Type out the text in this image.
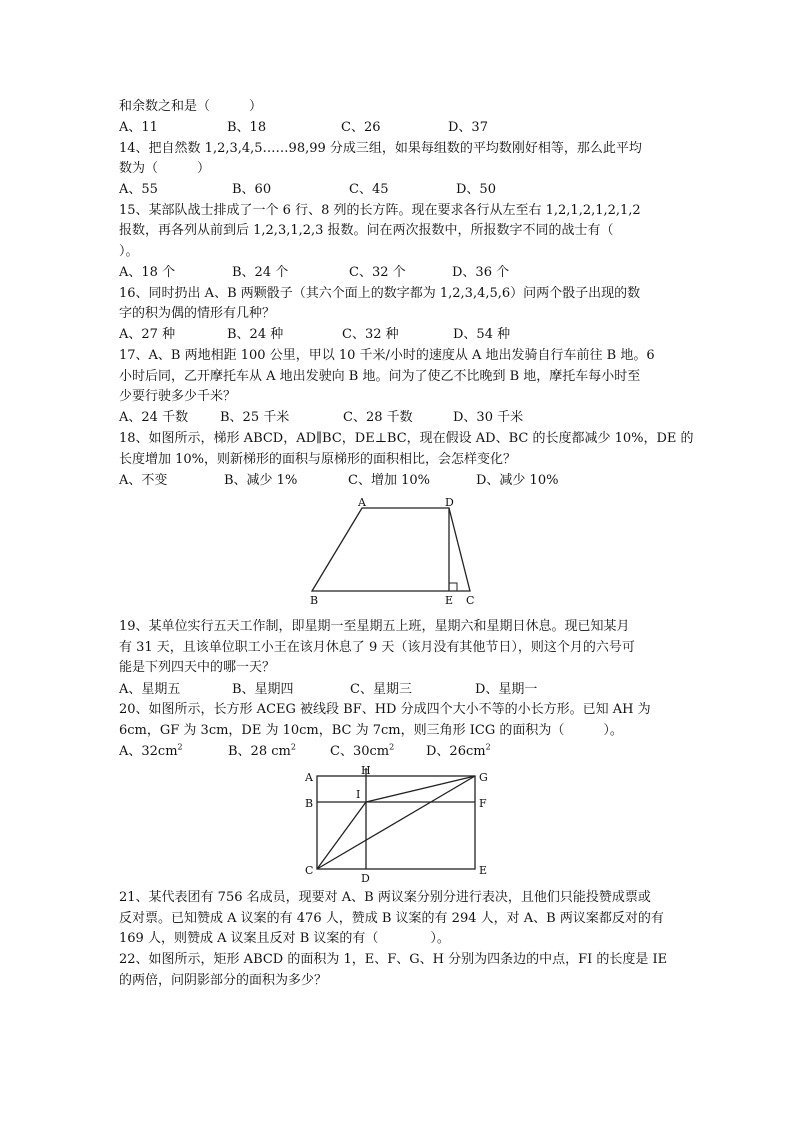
和余数之和是（　　　）
A、11	B、18	C、26	D、37
14、把自然数 1,2,3,4,5……98,99 分成三组，如果每组数的平均数刚好相等，那么此平均
数为（　　　）
A、55	B、60	C、45	D、50
15、某部队战士排成了一个 6 行、8 列的长方阵。现在要求各行从左至右 1,2,1,2,1,2,1,2
报数，再各列从前到后 1,2,3,1,2,3 报数。问在两次报数中，所报数字不同的战士有（
）。
A、18 个	B、24 个	C、32 个	D、36 个
16、同时扔出 A、B 两颗骰子（其六个面上的数字都为 1,2,3,4,5,6）问两个骰子出现的数
字的积为偶的情形有几种？
A、27 种	B、24 种	C、32 种	D、54 种
17、A、B 两地相距 100 公里，甲以 10 千米/小时的速度从 A 地出发骑自行车前往 B 地。6
小时后同，乙开摩托车从 A 地出发驶向 B 地。问为了使乙不比晚到 B 地，摩托车每小时至
少要行驶多少千米？
A、24 千数 B、25 千米	C、28 千数	D、30 千米
18、如图所示，梯形 ABCD，AD∥BC，DE⊥BC，现在假设 AD、BC 的长度都减少 10%，DE 的
长度增加 10%，则新梯形的面积与原梯形的面积相比，会怎样变化？
A、不变	B、减少 1%	C、增加 10%	D、减少 10%
A	D
B	E C
19、某单位实行五天工作制，即星期一至星期五上班，星期六和星期日休息。现已知某月
有 31 天，且该单位职工小王在该月休息了 9 天（该月没有其他节日），则这个月的六号可
能是下列四天中的哪一天？
A、星期五	B、星期四	C、星期三	D、星期一
20、如图所示，长方形 ACEG 被线段 BF、HD 分成四个大小不等的小长方形。已知 AH 为
6cm，GF 为 3cm，DE 为 10cm，BC 为 7cm，则三角形 ICG 的面积为（　　　）。
A、$32cm^2$	B、28 $cm^2$	C、$30cm^2$ D、$26cm^2$
A
H
G
B
I
F
C
D
E
21、某代表团有 756 名成员，现要对 A、B 两议案分别分进行表决，且他们只能投赞成票或
反对票。已知赞成 A 议案的有 476 人，赞成 B 议案的有 294 人，对 A、B 两议案都反对的有
169 人，则赞成 A 议案且反对 B 议案的有（　　　　）。
22、如图所示，矩形 ABCD 的面积为 1，E、F、G、H 分别为四条边的中点，FI 的长度是 IE
的两倍，问阴影部分的面积为多少？
